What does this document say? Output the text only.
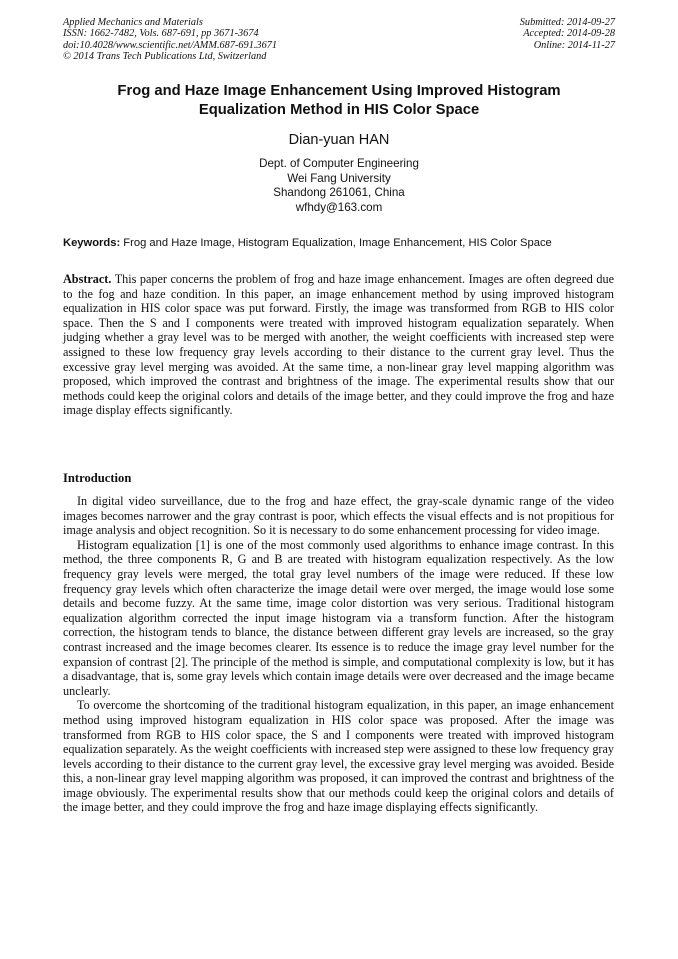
Applied Mechanics and Materials
ISSN: 1662-7482, Vols. 687-691, pp 3671-3674
doi:10.4028/www.scientific.net/AMM.687-691.3671
© 2014 Trans Tech Publications Ltd, Switzerland
Submitted: 2014-09-27
Accepted: 2014-09-28
Online: 2014-11-27
Frog and Haze Image Enhancement Using Improved Histogram
Equalization Method in HIS Color Space
Dian-yuan HAN
Dept. of Computer Engineering
Wei Fang University
Shandong 261061, China
wfhdy@163.com
Keywords: Frog and Haze Image, Histogram Equalization, Image Enhancement, HIS Color Space
Abstract. This paper concerns the problem of frog and haze image enhancement. Images are often degreed due to the fog and haze condition. In this paper, an image enhancement method by using improved histogram equalization in HIS color space was put forward. Firstly, the image was transformed from RGB to HIS color space. Then the S and I components were treated with improved histogram equalization separately. When judging whether a gray level was to be merged with another, the weight coefficients with increased step were assigned to these low frequency gray levels according to their distance to the current gray level. Thus the excessive gray level merging was avoided. At the same time, a non-linear gray level mapping algorithm was proposed, which improved the contrast and brightness of the image. The experimental results show that our methods could keep the original colors and details of the image better, and they could improve the frog and haze image display effects significantly.
Introduction

In digital video surveillance, due to the frog and haze effect, the gray-scale dynamic range of the video images becomes narrower and the gray contrast is poor, which effects the visual effects and is not propitious for image analysis and object recognition. So it is necessary to do some enhancement processing for video image.

Histogram equalization [1] is one of the most commonly used algorithms to enhance image contrast. In this method, the three components R, G and B are treated with histogram equalization respectively. As the low frequency gray levels were merged, the total gray level numbers of the image were reduced. If these low frequency gray levels which often characterize the image detail were over merged, the image would lose some details and become fuzzy. At the same time, image color distortion was very serious. Traditional histogram equalization algorithm corrected the input image histogram via a transform function. After the histogram correction, the histogram tends to blance, the distance between different gray levels are increased, so the gray contrast increased and the image becomes clearer. Its essence is to reduce the image gray level number for the expansion of contrast [2]. The principle of the method is simple, and computational complexity is low, but it has a disadvantage, that is, some gray levels which contain image details were over decreased and the image became unclearly.

To overcome the shortcoming of the traditional histogram equalization, in this paper, an image enhancement method using improved histogram equalization in HIS color space was proposed. After the image was transformed from RGB to HIS color space, the S and I components were treated with improved histogram equalization separately. As the weight coefficients with increased step were assigned to these low frequency gray levels according to their distance to the current gray level, the excessive gray level merging was avoided. Beside this, a non-linear gray level mapping algorithm was proposed, it can improved the contrast and brightness of the image obviously. The experimental results show that our methods could keep the original colors and details of the image better, and they could improve the frog and haze image displaying effects significantly.
